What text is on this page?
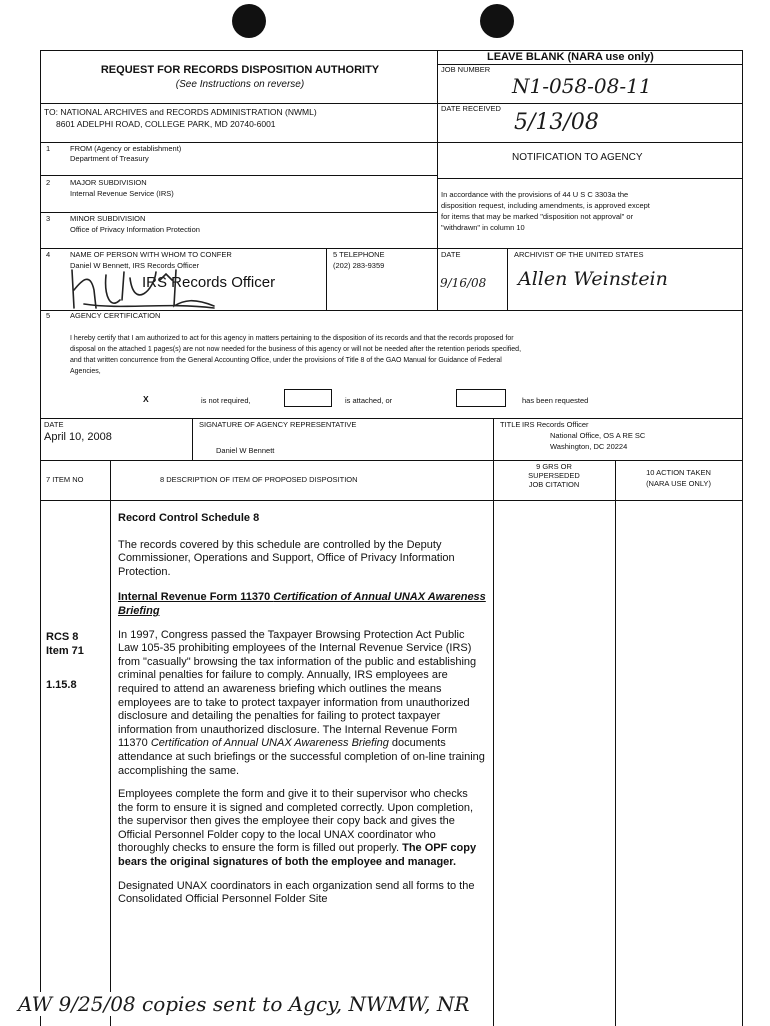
REQUEST FOR RECORDS DISPOSITION AUTHORITY
(See Instructions on reverse)
LEAVE BLANK (NARA use only)
JOB NUMBER
N1-058-08-11
DATE RECEIVED
5/13/08
NOTIFICATION TO AGENCY
TO: NATIONAL ARCHIVES and RECORDS ADMINISTRATION (NWML)
8601 ADELPHI ROAD, COLLEGE PARK, MD 20740-6001
1	FROM (Agency or establishment)
Department of Treasury
2	MAJOR SUBDIVISION
Internal Revenue Service (IRS)
3	MINOR SUBDIVISION
Office of Privacy Information Protection
In accordance with the provisions of 44 U S C 3303a the
disposition request, including amendments, is approved except
for items that may be marked "disposition not approval" or
"withdrawn" in column 10
4	NAME OF PERSON WITH WHOM TO CONFER
Daniel W Bennett, IRS Records Officer
IRS Records Officer
5 TELEPHONE
(202) 283-9359
DATE
9/16/08
ARCHIVIST OF THE UNITED STATES
Allen Weinstein
5	AGENCY CERTIFICATION
I hereby certify that I am authorized to act for this agency in matters pertaining to the disposition of its records and that the records proposed for
disposal on the attached 1 pages(s) are not now needed for the business of this agency or will not be needed after the retention periods specified,
and that written concurrence from the General Accounting Office, under the provisions of Title 8 of the GAO Manual for Guidance of Federal
Agencies,
X	is not required,	is attached, or	has been requested
DATE
April 10, 2008
SIGNATURE OF AGENCY REPRESENTATIVE
Daniel W Bennett
TITLE IRS Records Officer
National Office, OS A RE SC
Washington, DC 20224
7 ITEM NO	8 DESCRIPTION OF ITEM OF PROPOSED DISPOSITION
9 GRS OR
SUPERSEDED
JOB CITATION
10 ACTION TAKEN
(NARA USE ONLY)
RCS 8
Item 71
1.15.8

Record Control Schedule 8

The records covered by this schedule are controlled by the Deputy Commissioner, Operations and Support, Office of Privacy Information Protection.

Internal Revenue Form 11370 Certification of Annual UNAX Awareness Briefing

In 1997, Congress passed the Taxpayer Browsing Protection Act Public Law 105-35 prohibiting employees of the Internal Revenue Service (IRS) from "casually" browsing the tax information of the public and establishing criminal penalties for failure to comply. Annually, IRS employees are required to attend an awareness briefing which outlines the means employees are to take to protect taxpayer information from unauthorized disclosure and detailing the penalties for failing to protect taxpayer information from unauthorized disclosure. The Internal Revenue Form 11370 Certification of Annual UNAX Awareness Briefing documents attendance at such briefings or the successful completion of on-line training accomplishing the same.

Employees complete the form and give it to their supervisor who checks the form to ensure it is signed and completed correctly. Upon completion, the supervisor then gives the employee their copy back and gives the Official Personnel Folder copy to the local UNAX coordinator who thoroughly checks to ensure the form is filled out properly. The OPF copy bears the original signatures of both the employee and manager.

Designated UNAX coordinators in each organization send all forms to the Consolidated Official Personnel Folder Site

AW 9/25/08 copies sent to Agcy, NWMW, NR
